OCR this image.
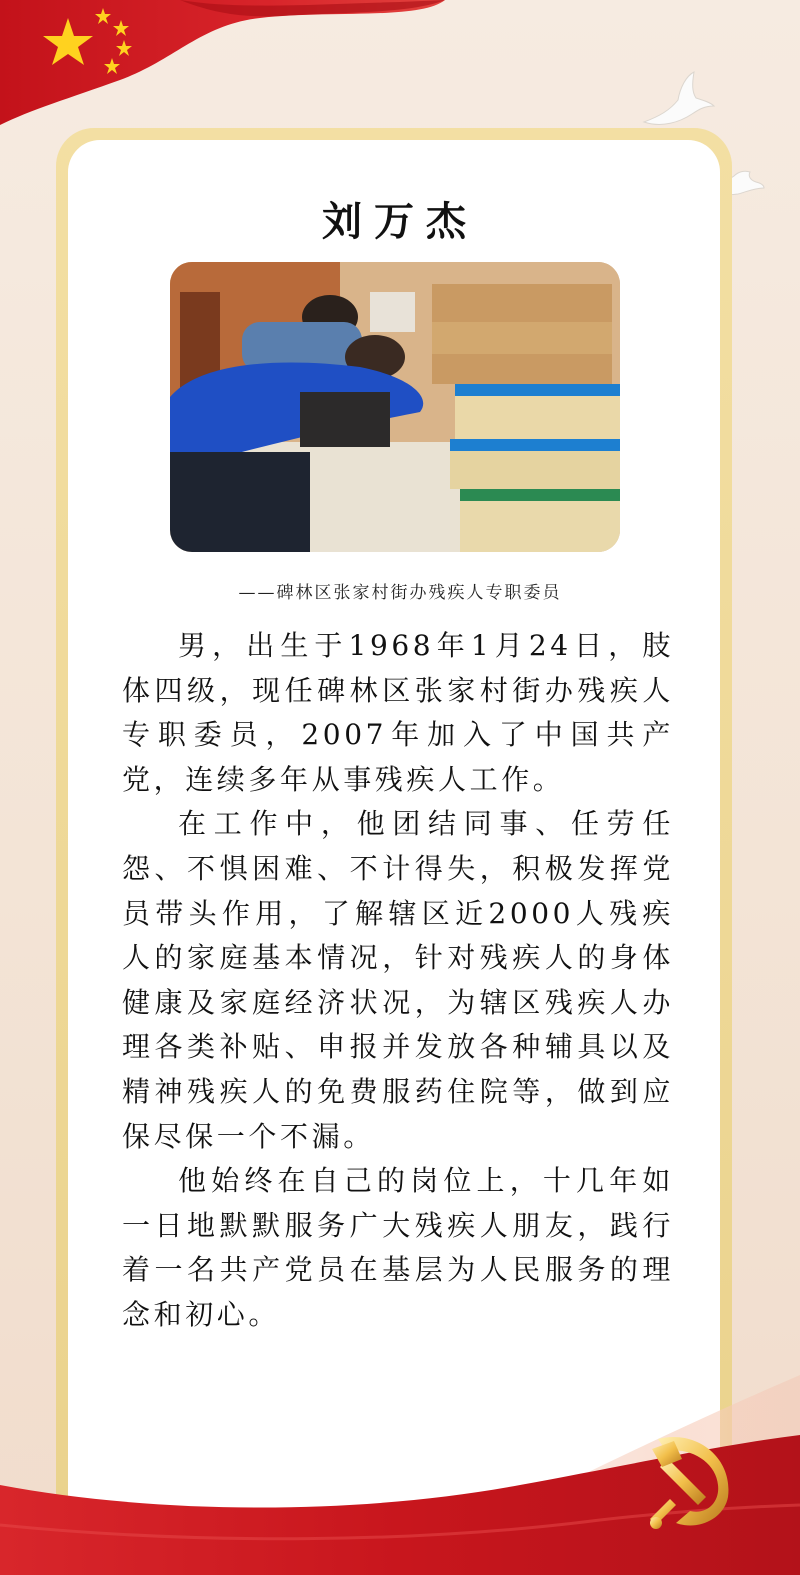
刘万杰
——碑林区张家村街办残疾人专职委员

男，出生于1968年1月24日，肢体四级，现任碑林区张家村街办残疾人专职委员，2007年加入了中国共产党，连续多年从事残疾人工作。

在工作中，他团结同事、任劳任怨、不惧困难、不计得失，积极发挥党员带头作用，了解辖区近2000人残疾人的家庭基本情况，针对残疾人的身体健康及家庭经济状况，为辖区残疾人办理各类补贴、申报并发放各种辅具以及精神残疾人的免费服药住院等，做到应保尽保一个不漏。

他始终在自己的岗位上，十几年如一日地默默服务广大残疾人朋友，践行着一名共产党员在基层为人民服务的理念和初心。
